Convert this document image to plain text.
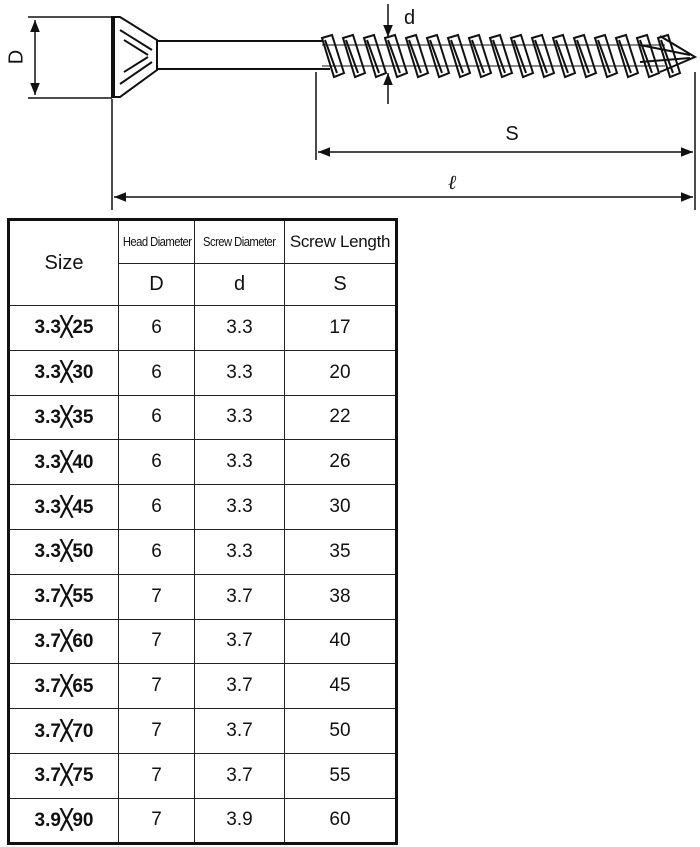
D
d
S
ℓ
Size	Head Diameter	Screw Diameter	Screw Length
	D	d	S
3.3╳25	6	3.3	17
3.3╳30	6	3.3	20
3.3╳35	6	3.3	22
3.3╳40	6	3.3	26
3.3╳45	6	3.3	30
3.3╳50	6	3.3	35
3.7╳55	7	3.7	38
3.7╳60	7	3.7	40
3.7╳65	7	3.7	45
3.7╳70	7	3.7	50
3.7╳75	7	3.7	55
3.9╳90	7	3.9	60
